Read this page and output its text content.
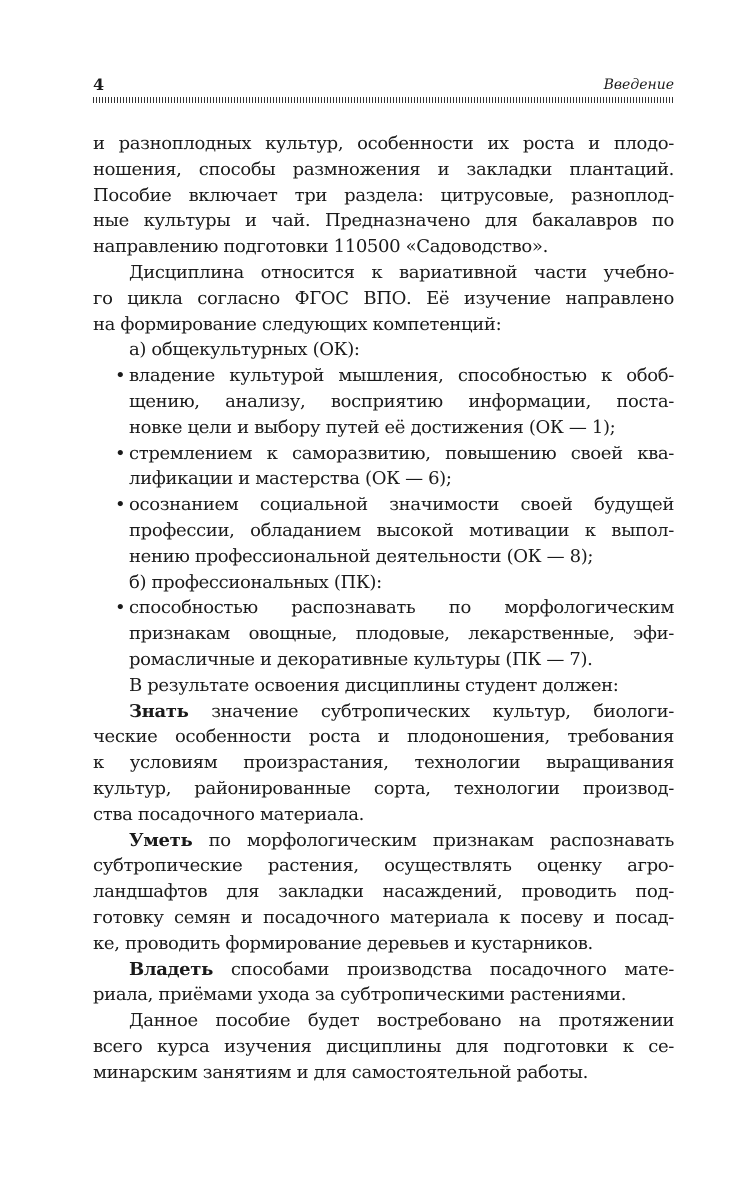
4	Введение
и разноплодных культур, особенности их роста и плодо-
ношения, способы размножения и закладки плантаций.
Пособие включает три раздела: цитрусовые, разноплод-
ные культуры и чай. Предназначено для бакалавров по
направлению подготовки 110500 «Садоводство».
Дисциплина относится к вариативной части учебно-
го цикла согласно ФГОС ВПО. Её изучение направлено
на формирование следующих компетенций:
а) общекультурных (ОК):
• владение культурой мышления, способностью к обоб-
щению, анализу, восприятию информации, поста-
новке цели и выбору путей её достижения (ОК — 1);
• стремлением к саморазвитию, повышению своей ква-
лификации и мастерства (ОК — 6);
• осознанием социальной значимости своей будущей
профессии, обладанием высокой мотивации к выпол-
нению профессиональной деятельности (ОК — 8);
б) профессиональных (ПК):
• способностью распознавать по морфологическим
признакам овощные, плодовые, лекарственные, эфи-
ромасличные и декоративные культуры (ПК — 7).
В результате освоения дисциплины студент должен:
Знать значение субтропических культур, биологи-
ческие особенности роста и плодоношения, требования
к условиям произрастания, технологии выращивания
культур, районированные сорта, технологии производ-
ства посадочного материала.
Уметь по морфологическим признакам распознавать
субтропические растения, осуществлять оценку агро-
ландшафтов для закладки насаждений, проводить под-
готовку семян и посадочного материала к посеву и посад-
ке, проводить формирование деревьев и кустарников.
Владеть способами производства посадочного мате-
риала, приёмами ухода за субтропическими растениями.
Данное пособие будет востребовано на протяжении
всего курса изучения дисциплины для подготовки к се-
минарским занятиям и для самостоятельной работы.
